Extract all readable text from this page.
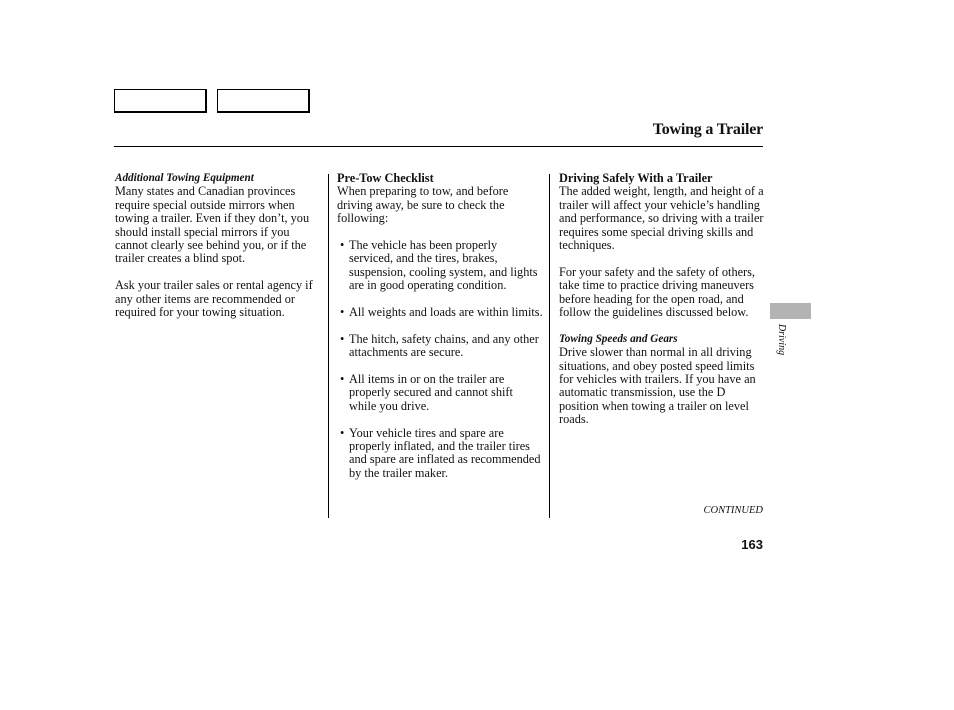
Towing a Trailer
Additional Towing Equipment

Many states and Canadian provinces require special outside mirrors when towing a trailer. Even if they don’t, you should install special mirrors if you cannot clearly see behind you, or if the trailer creates a blind spot.

Ask your trailer sales or rental agency if any other items are recommended or required for your towing situation.

Pre-Tow Checklist

When preparing to tow, and before driving away, be sure to check the following:

• The vehicle has been properly serviced, and the tires, brakes, suspension, cooling system, and lights are in good operating condition.
• All weights and loads are within limits.
• The hitch, safety chains, and any other attachments are secure.
• All items in or on the trailer are properly secured and cannot shift while you drive.
• Your vehicle tires and spare are properly inflated, and the trailer tires and spare are inflated as recommended by the trailer maker.
Driving Safely With a Trailer

The added weight, length, and height of a trailer will affect your vehicle’s handling and performance, so driving with a trailer requires some special driving skills and techniques.

For your safety and the safety of others, take time to practice driving maneuvers before heading for the open road, and follow the guidelines discussed below.

Towing Speeds and Gears

Drive slower than normal in all driving situations, and obey posted speed limits for vehicles with trailers. If you have an automatic transmission, use the D position when towing a trailer on level roads.

CONTINUED
163
Driving
